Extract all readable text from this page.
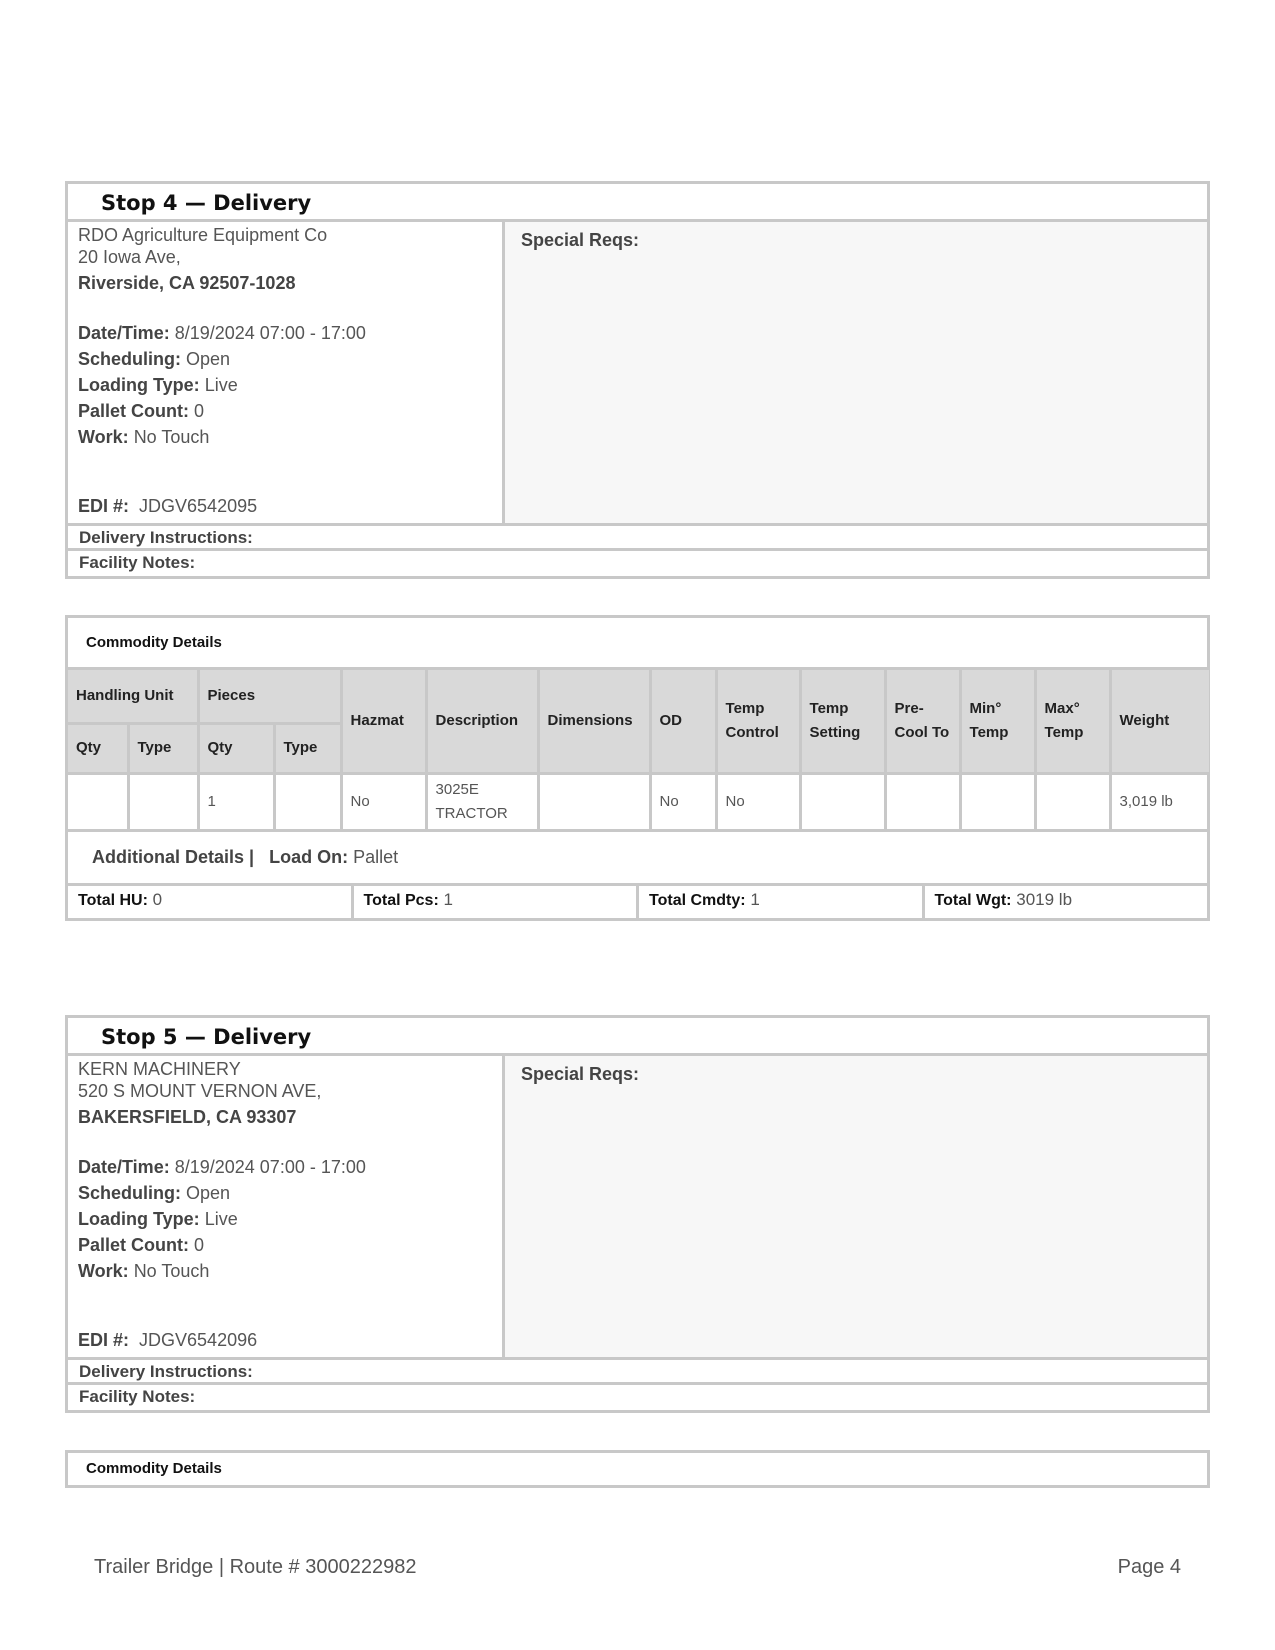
Stop 4 — Delivery
RDO Agriculture Equipment Co
20 Iowa Ave,
Riverside, CA 92507-1028
Date/Time: 8/19/2024 07:00 - 17:00
Scheduling: Open
Loading Type: Live
Pallet Count: 0
Work: No Touch
EDI #: JDGV6542095
Special Reqs:
Delivery Instructions:
Facility Notes:
Commodity Details
Handling Unit		Pieces		Hazmat	Description	Dimensions	OD	Temp Control	Temp Setting	Pre-Cool To	Min° Temp	Max° Temp	Weight
Qty	Type	Qty	Type										
		1		No	3025E TRACTOR		No	No					3,019 lb
Additional Details | Load On: Pallet
Total HU: 0	Total Pcs: 1	Total Cmdty: 1	Total Wgt: 3019 lb
Stop 5 — Delivery
KERN MACHINERY
520 S MOUNT VERNON AVE,
BAKERSFIELD, CA 93307
Date/Time: 8/19/2024 07:00 - 17:00
Scheduling: Open
Loading Type: Live
Pallet Count: 0
Work: No Touch
EDI #: JDGV6542096
Special Reqs:
Delivery Instructions:
Facility Notes:
Commodity Details
Trailer Bridge | Route # 3000222982	Page 4
